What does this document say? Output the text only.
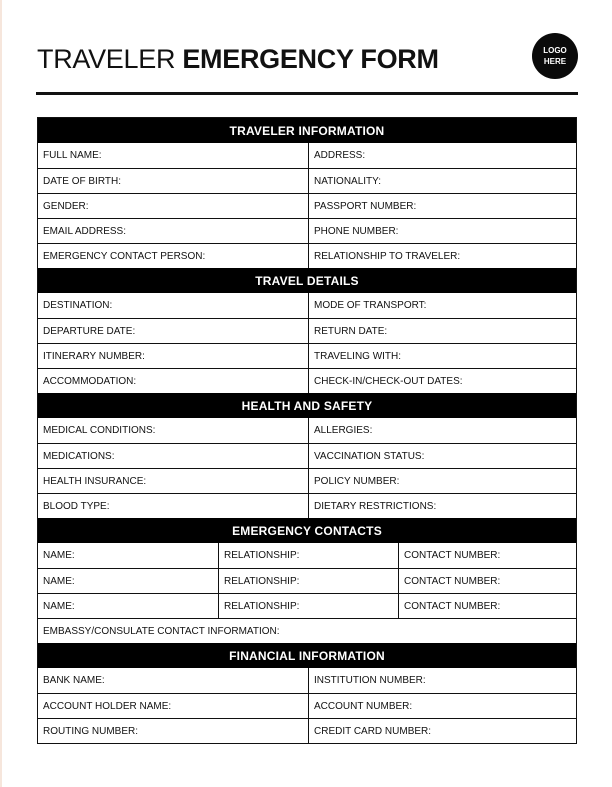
TRAVELER EMERGENCY FORM	LOGO
HERE
TRAVELER INFORMATION
FULL NAME:	ADDRESS:
DATE OF BIRTH:	NATIONALITY:
GENDER:	PASSPORT NUMBER:
EMAIL ADDRESS:	PHONE NUMBER:
EMERGENCY CONTACT PERSON:	RELATIONSHIP TO TRAVELER:
TRAVEL DETAILS
DESTINATION:	MODE OF TRANSPORT:
DEPARTURE DATE:	RETURN DATE:
ITINERARY NUMBER:	TRAVELING WITH:
ACCOMMODATION:	CHECK-IN/CHECK-OUT DATES:
HEALTH AND SAFETY
MEDICAL CONDITIONS:	ALLERGIES:
MEDICATIONS:	VACCINATION STATUS:
HEALTH INSURANCE:	POLICY NUMBER:
BLOOD TYPE:	DIETARY RESTRICTIONS:
EMERGENCY CONTACTS
NAME:	RELATIONSHIP:	CONTACT NUMBER:
NAME:	RELATIONSHIP:	CONTACT NUMBER:
NAME:	RELATIONSHIP:	CONTACT NUMBER:
EMBASSY/CONSULATE CONTACT INFORMATION:
FINANCIAL INFORMATION
BANK NAME:	INSTITUTION NUMBER:
ACCOUNT HOLDER NAME:	ACCOUNT NUMBER:
ROUTING NUMBER:	CREDIT CARD NUMBER:
